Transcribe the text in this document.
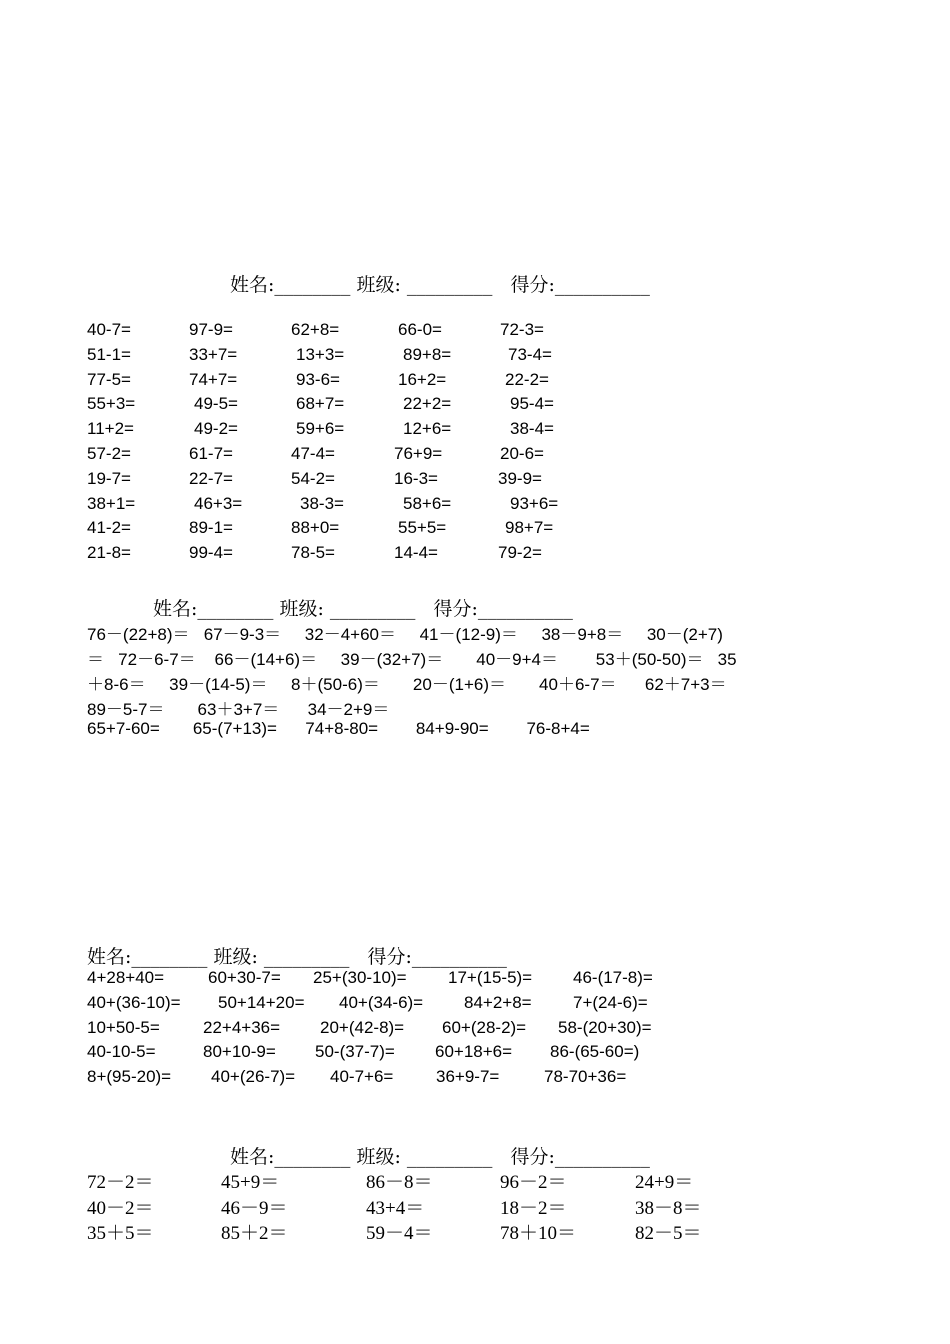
姓名:________ 班级: _________   得分:__________
40-7=	97-9=	62+8=	66-0=	72-3=
51-1=	33+7=	13+3=	89+8=	73-4=
77-5=	74+7=	93-6=	16+2=	22-2=
55+3=	49-5=	68+7=	22+2=	95-4=
11+2=	49-2=	59+6=	12+6=	38-4=
57-2=	61-7=	47-4=	76+9=	20-6=
19-7=	22-7=	54-2=	16-3=	39-9=
38+1=	46+3=	38-3=	58+6=	93+6=
41-2=	89-1=	88+0=	55+5=	98+7=
21-8=	99-4=	78-5=	14-4=	79-2=
姓名:________ 班级: _________   得分:__________
76－(22+8)＝   67－9-3＝     32－4+60＝     41－(12-9)＝     38－9+8＝     30－(2+7)
＝   72－6-7＝    66－(14+6)＝     39－(32+7)＝       40－9+4＝        53＋(50-50)＝   35
＋8-6＝     39－(14-5)＝     8＋(50-6)＝       20－(1+6)＝       40＋6-7＝      62＋7+3＝
89－5-7＝       63＋3+7＝      34－2+9＝
65+7-60=       65-(7+13)=      74+8-80=        84+9-90=        76-8+4=
姓名:________ 班级: _________   得分:__________
4+28+40=	60+30-7= 25+(30-10)= 17+(15-5)= 46-(17-8)=
40+(36-10)= 50+14+20= 40+(34-6)= 84+2+8= 7+(24-6)=
10+50-5=	22+4+36= 20+(42-8)= 60+(28-2)= 58-(20+30)=
40-10-5=	80+10-9= 50-(37-7)= 60+18+6= 86-(65-60=)
8+(95-20)= 40+(26-7)= 40-7+6=	36+9-7=	78-70+36=
姓名:________ 班级: _________   得分:__________
72－2＝	45+9＝	86－8＝	96－2＝	24+9＝
40－2＝	46－9＝	43+4＝	18－2＝	38－8＝
35＋5＝	85＋2＝	59－4＝	78＋10＝	82－5＝
